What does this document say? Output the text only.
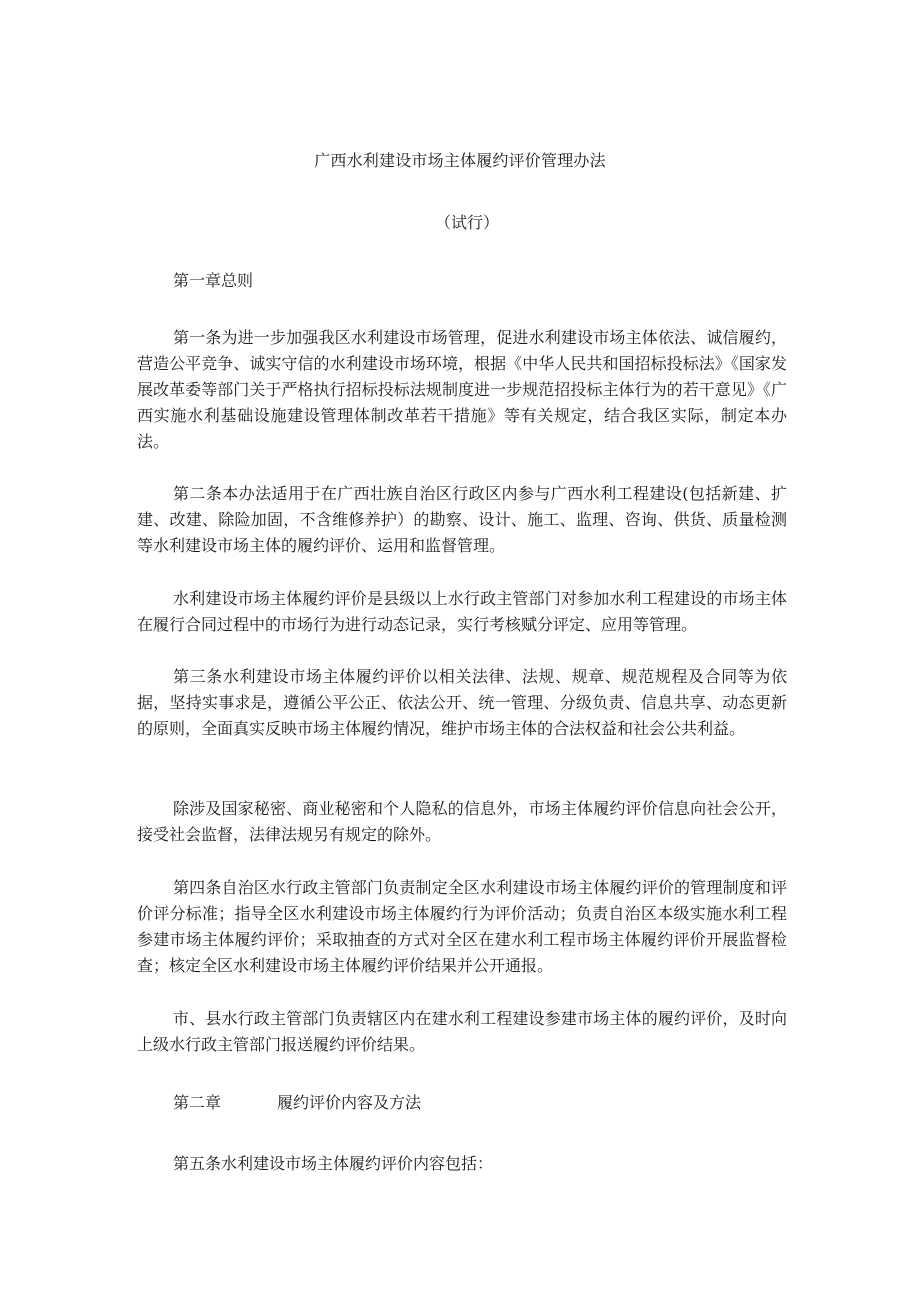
广西水利建设市场主体履约评价管理办法
（试行）

第一章总则

第一条为进一步加强我区水利建设市场管理，促进水利建设市场主体依法、诚信履约，营造公平竞争、诚实守信的水利建设市场环境，根据《中华人民共和国招标投标法》《国家发展改革委等部门关于严格执行招标投标法规制度进一步规范招投标主体行为的若干意见》《广西实施水利基础设施建设管理体制改革若干措施》等有关规定，结合我区实际，制定本办法。

第二条本办法适用于在广西壮族自治区行政区内参与广西水利工程建设(包括新建、扩建、改建、除险加固，不含维修养护）的勘察、设计、施工、监理、咨询、供货、质量检测等水利建设市场主体的履约评价、运用和监督管理。

水利建设市场主体履约评价是县级以上水行政主管部门对参加水利工程建设的市场主体在履行合同过程中的市场行为进行动态记录，实行考核赋分评定、应用等管理。

第三条水利建设市场主体履约评价以相关法律、法规、规章、规范规程及合同等为依据，坚持实事求是，遵循公平公正、依法公开、统一管理、分级负责、信息共享、动态更新的原则，全面真实反映市场主体履约情况，维护市场主体的合法权益和社会公共利益。

除涉及国家秘密、商业秘密和个人隐私的信息外，市场主体履约评价信息向社会公开，接受社会监督，法律法规另有规定的除外。

第四条自治区水行政主管部门负责制定全区水利建设市场主体履约评价的管理制度和评价评分标准；指导全区水利建设市场主体履约行为评价活动；负责自治区本级实施水利工程参建市场主体履约评价；采取抽查的方式对全区在建水利工程市场主体履约评价开展监督检查；核定全区水利建设市场主体履约评价结果并公开通报。

市、县水行政主管部门负责辖区内在建水利工程建设参建市场主体的履约评价，及时向上级水行政主管部门报送履约评价结果。

第二章	履约评价内容及方法

第五条水利建设市场主体履约评价内容包括：
